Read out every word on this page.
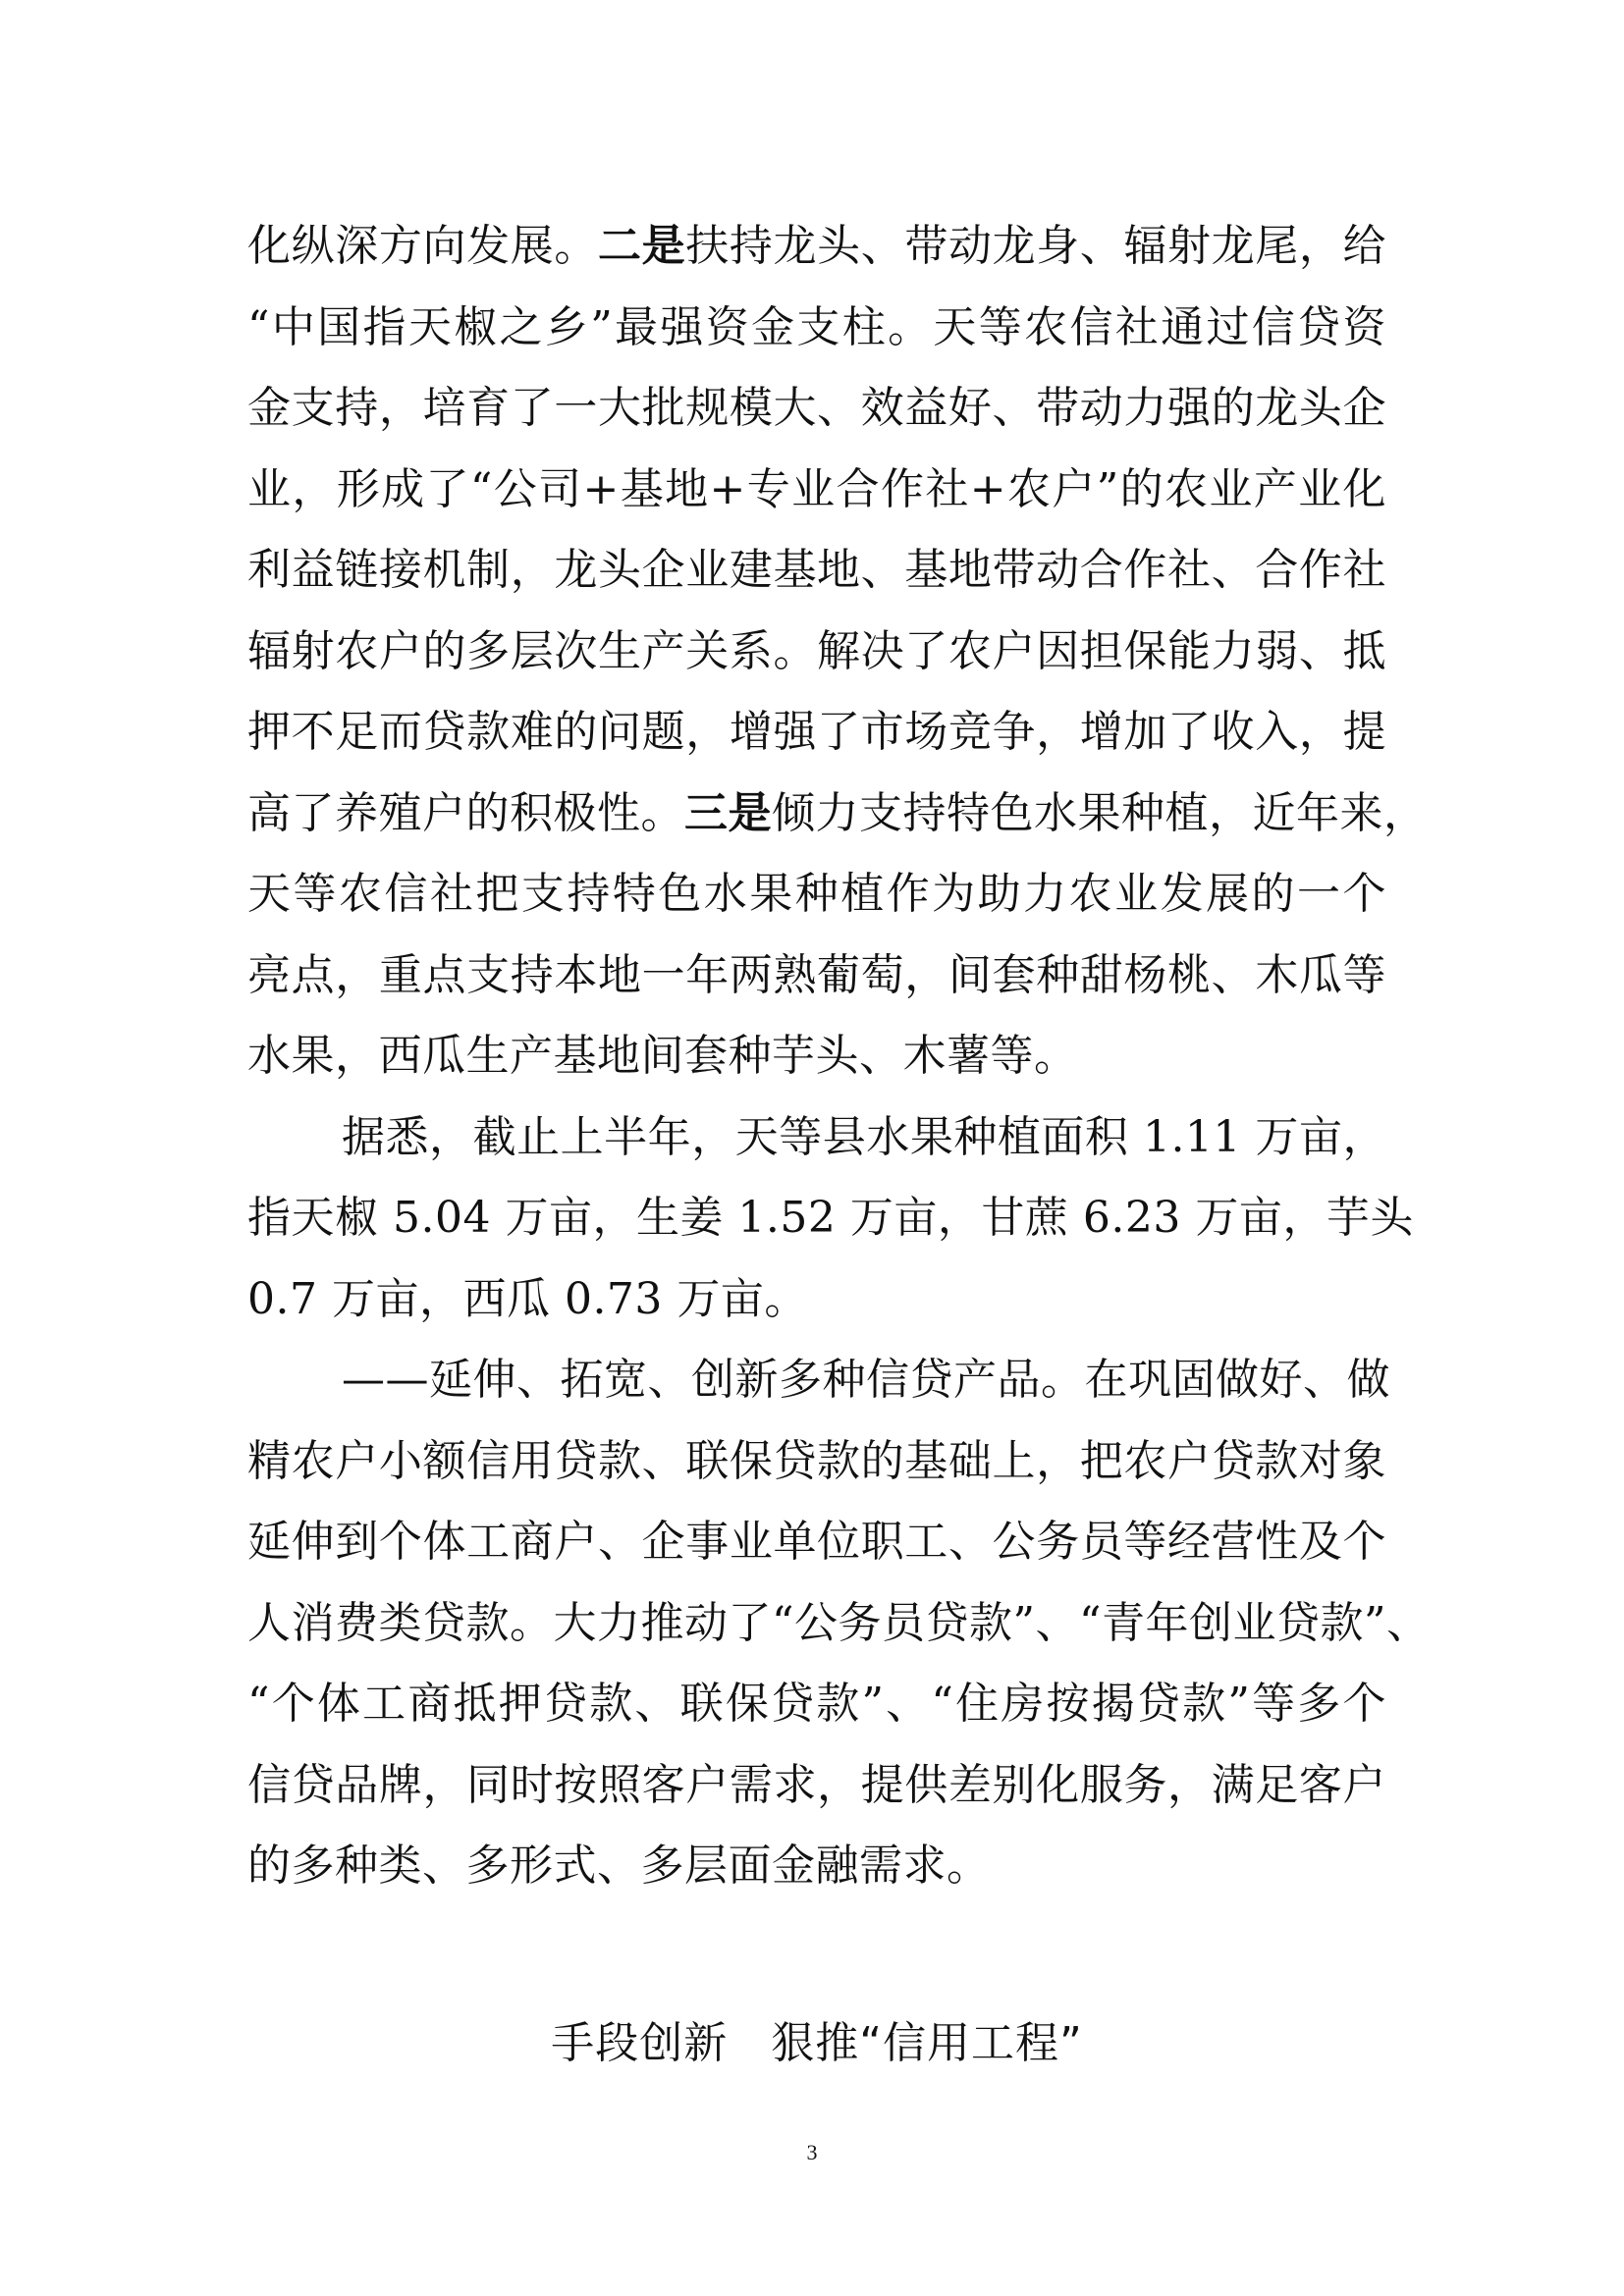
化纵深方向发展。二是扶持龙头、带动龙身、辐射龙尾，给
“中国指天椒之乡”最强资金支柱。天等农信社通过信贷资
金支持，培育了一大批规模大、效益好、带动力强的龙头企
业，形成了“公司+基地+专业合作社+农户”的农业产业化
利益链接机制，龙头企业建基地、基地带动合作社、合作社
辐射农户的多层次生产关系。解决了农户因担保能力弱、抵
押不足而贷款难的问题，增强了市场竞争，增加了收入，提
高了养殖户的积极性。三是倾力支持特色水果种植，近年来，
天等农信社把支持特色水果种植作为助力农业发展的一个
亮点，重点支持本地一年两熟葡萄，间套种甜杨桃、木瓜等
水果，西瓜生产基地间套种芋头、木薯等。
据悉，截止上半年，天等县水果种植面积 1.11 万亩，
指天椒 5.04 万亩，生姜 1.52 万亩，甘蔗 6.23 万亩，芋头
0.7 万亩，西瓜 0.73 万亩。
——延伸、拓宽、创新多种信贷产品。在巩固做好、做
精农户小额信用贷款、联保贷款的基础上，把农户贷款对象
延伸到个体工商户、企事业单位职工、公务员等经营性及个
人消费类贷款。大力推动了“公务员贷款”、“青年创业贷款”、
“个体工商抵押贷款、联保贷款”、“住房按揭贷款”等多个
信贷品牌，同时按照客户需求，提供差别化服务，满足客户
的多种类、多形式、多层面金融需求。
手段创新 狠推“信用工程”
3
